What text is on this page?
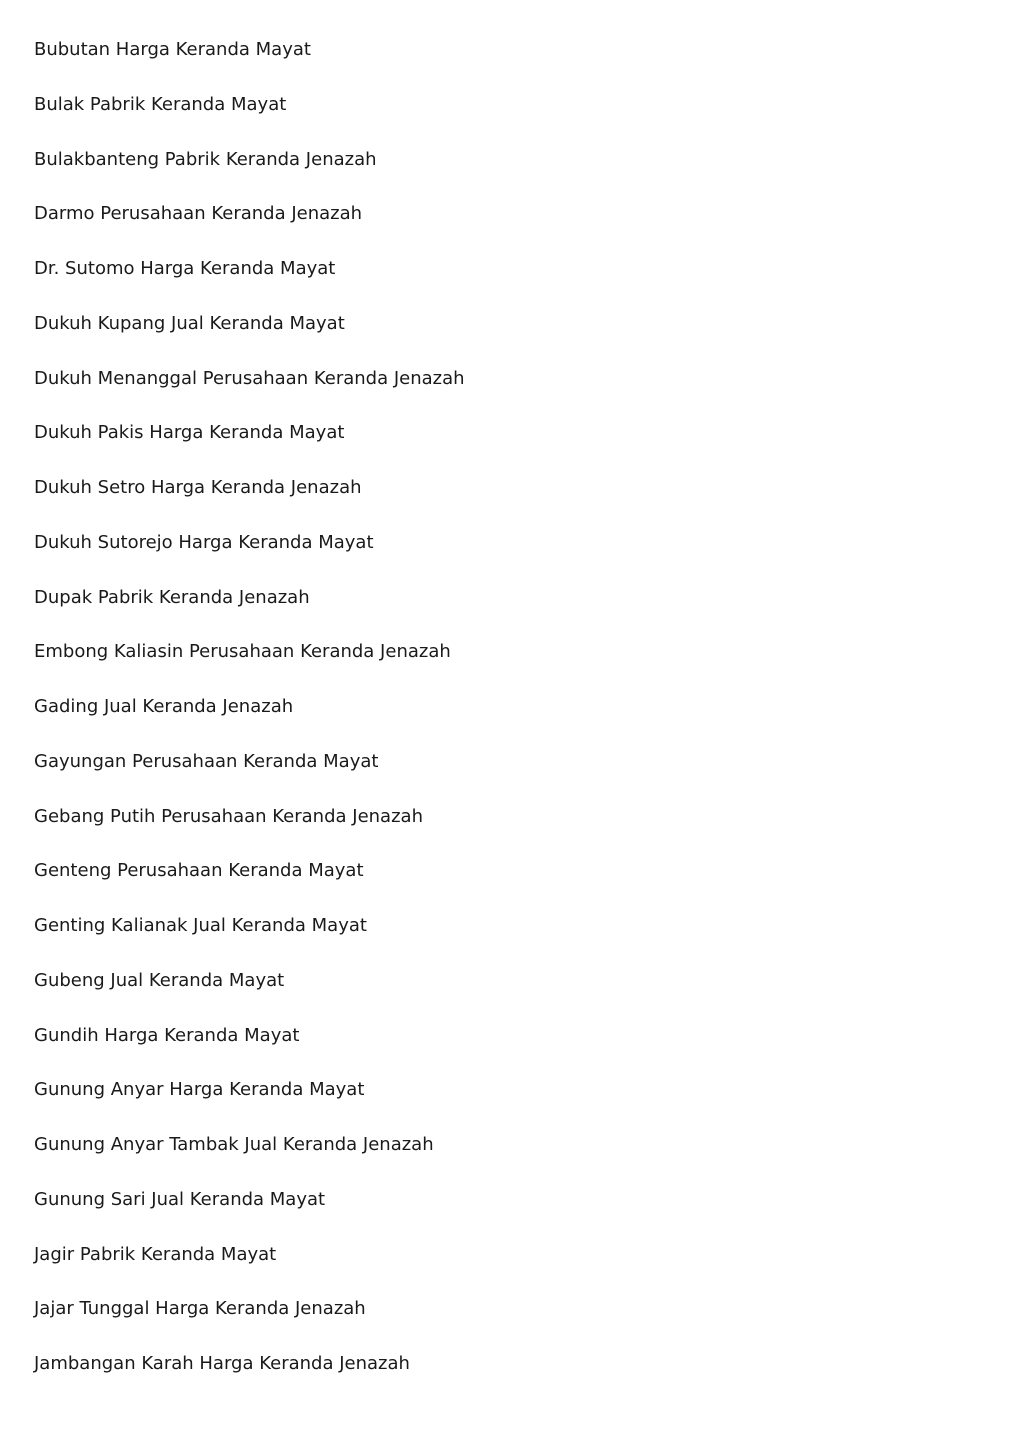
Bubutan Harga Keranda Mayat
Bulak Pabrik Keranda Mayat
Bulakbanteng Pabrik Keranda Jenazah
Darmo Perusahaan Keranda Jenazah
Dr. Sutomo Harga Keranda Mayat
Dukuh Kupang Jual Keranda Mayat
Dukuh Menanggal Perusahaan Keranda Jenazah
Dukuh Pakis Harga Keranda Mayat
Dukuh Setro Harga Keranda Jenazah
Dukuh Sutorejo Harga Keranda Mayat
Dupak Pabrik Keranda Jenazah
Embong Kaliasin Perusahaan Keranda Jenazah
Gading Jual Keranda Jenazah
Gayungan Perusahaan Keranda Mayat
Gebang Putih Perusahaan Keranda Jenazah
Genteng Perusahaan Keranda Mayat
Genting Kalianak Jual Keranda Mayat
Gubeng Jual Keranda Mayat
Gundih Harga Keranda Mayat
Gunung Anyar Harga Keranda Mayat
Gunung Anyar Tambak Jual Keranda Jenazah
Gunung Sari Jual Keranda Mayat
Jagir Pabrik Keranda Mayat
Jajar Tunggal Harga Keranda Jenazah
Jambangan Karah Harga Keranda Jenazah
